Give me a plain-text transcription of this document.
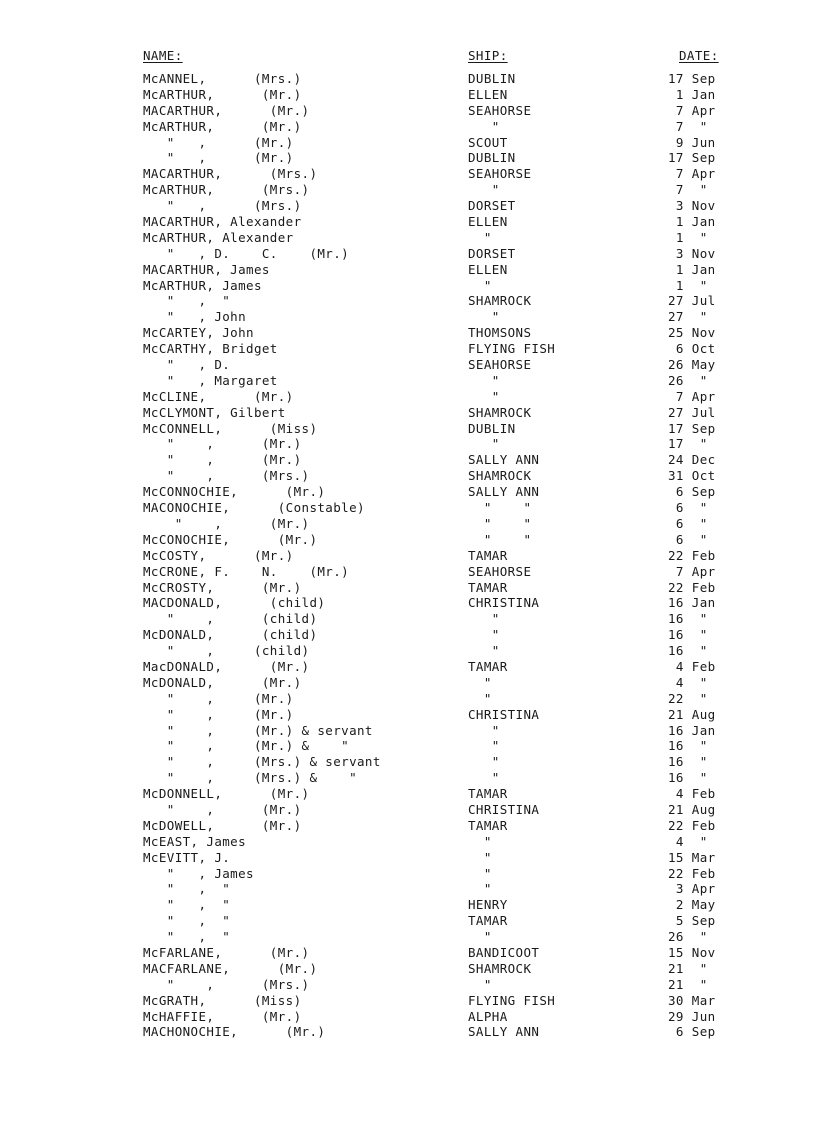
NAME:	SHIP:	DATE:
McANNEL,      (Mrs.)	DUBLIN	17 Sep
McARTHUR,      (Mr.)	ELLEN	1 Jan
MACARTHUR,      (Mr.)	SEAHORSE	7 Apr
McARTHUR,      (Mr.)	"	7  "
"   ,      (Mr.)	SCOUT	9 Jun
"   ,      (Mr.)	DUBLIN	17 Sep
MACARTHUR,      (Mrs.)	SEAHORSE	7 Apr
McARTHUR,      (Mrs.)	"	7  "
"   ,      (Mrs.)	DORSET	3 Nov
MACARTHUR, Alexander	ELLEN	1 Jan
McARTHUR, Alexander	"	1  "
"   , D.    C.    (Mr.)	DORSET	3 Nov
MACARTHUR, James	ELLEN	1 Jan
McARTHUR, James	"	1  "
"   ,  "	SHAMROCK	27 Jul
"   , John	"	27  "
McCARTEY, John	THOMSONS	25 Nov
McCARTHY, Bridget	FLYING FISH	6 Oct
"   , D.	SEAHORSE	26 May
"   , Margaret	"	26  "
McCLINE,      (Mr.)	"	7 Apr
McCLYMONT, Gilbert	SHAMROCK	27 Jul
McCONNELL,      (Miss)	DUBLIN	17 Sep
"    ,      (Mr.)	"	17  "
"    ,      (Mr.)	SALLY ANN	24 Dec
"    ,      (Mrs.)	SHAMROCK	31 Oct
McCONNOCHIE,      (Mr.)	SALLY ANN	6 Sep
MACONOCHIE,      (Constable)	"    "	6  "
"    ,      (Mr.)	"    "	6  "
McCONOCHIE,      (Mr.)	"    "	6  "
McCOSTY,      (Mr.)	TAMAR	22 Feb
McCRONE, F.    N.    (Mr.)	SEAHORSE	7 Apr
McCROSTY,      (Mr.)	TAMAR	22 Feb
MACDONALD,      (child)	CHRISTINA	16 Jan
"    ,      (child)	"	16  "
McDONALD,      (child)	"	16  "
"    ,     (child)	"	16  "
MacDONALD,      (Mr.)	TAMAR	4 Feb
McDONALD,      (Mr.)	"	4  "
"    ,     (Mr.)	"	22  "
"    ,     (Mr.)	CHRISTINA	21 Aug
"    ,     (Mr.) & servant	"	16 Jan
"    ,     (Mr.) &    "	"	16  "
"    ,     (Mrs.) & servant	"	16  "
"    ,     (Mrs.) &    "	"	16  "
McDONNELL,      (Mr.)	TAMAR	4 Feb
"    ,      (Mr.)	CHRISTINA	21 Aug
McDOWELL,      (Mr.)	TAMAR	22 Feb
McEAST, James	"	4  "
McEVITT, J.	"	15 Mar
"   , James	"	22 Feb
"   ,  "	"	3 Apr
"   ,  "	HENRY	2 May
"   ,  "	TAMAR	5 Sep
"   ,  "	"	26  "
McFARLANE,      (Mr.)	BANDICOOT	15 Nov
MACFARLANE,      (Mr.)	SHAMROCK	21  "
"    ,      (Mrs.)	"	21  "
McGRATH,      (Miss)	FLYING FISH	30 Mar
McHAFFIE,      (Mr.)	ALPHA	29 Jun
MACHONOCHIE,      (Mr.)	SALLY ANN	6 Sep
